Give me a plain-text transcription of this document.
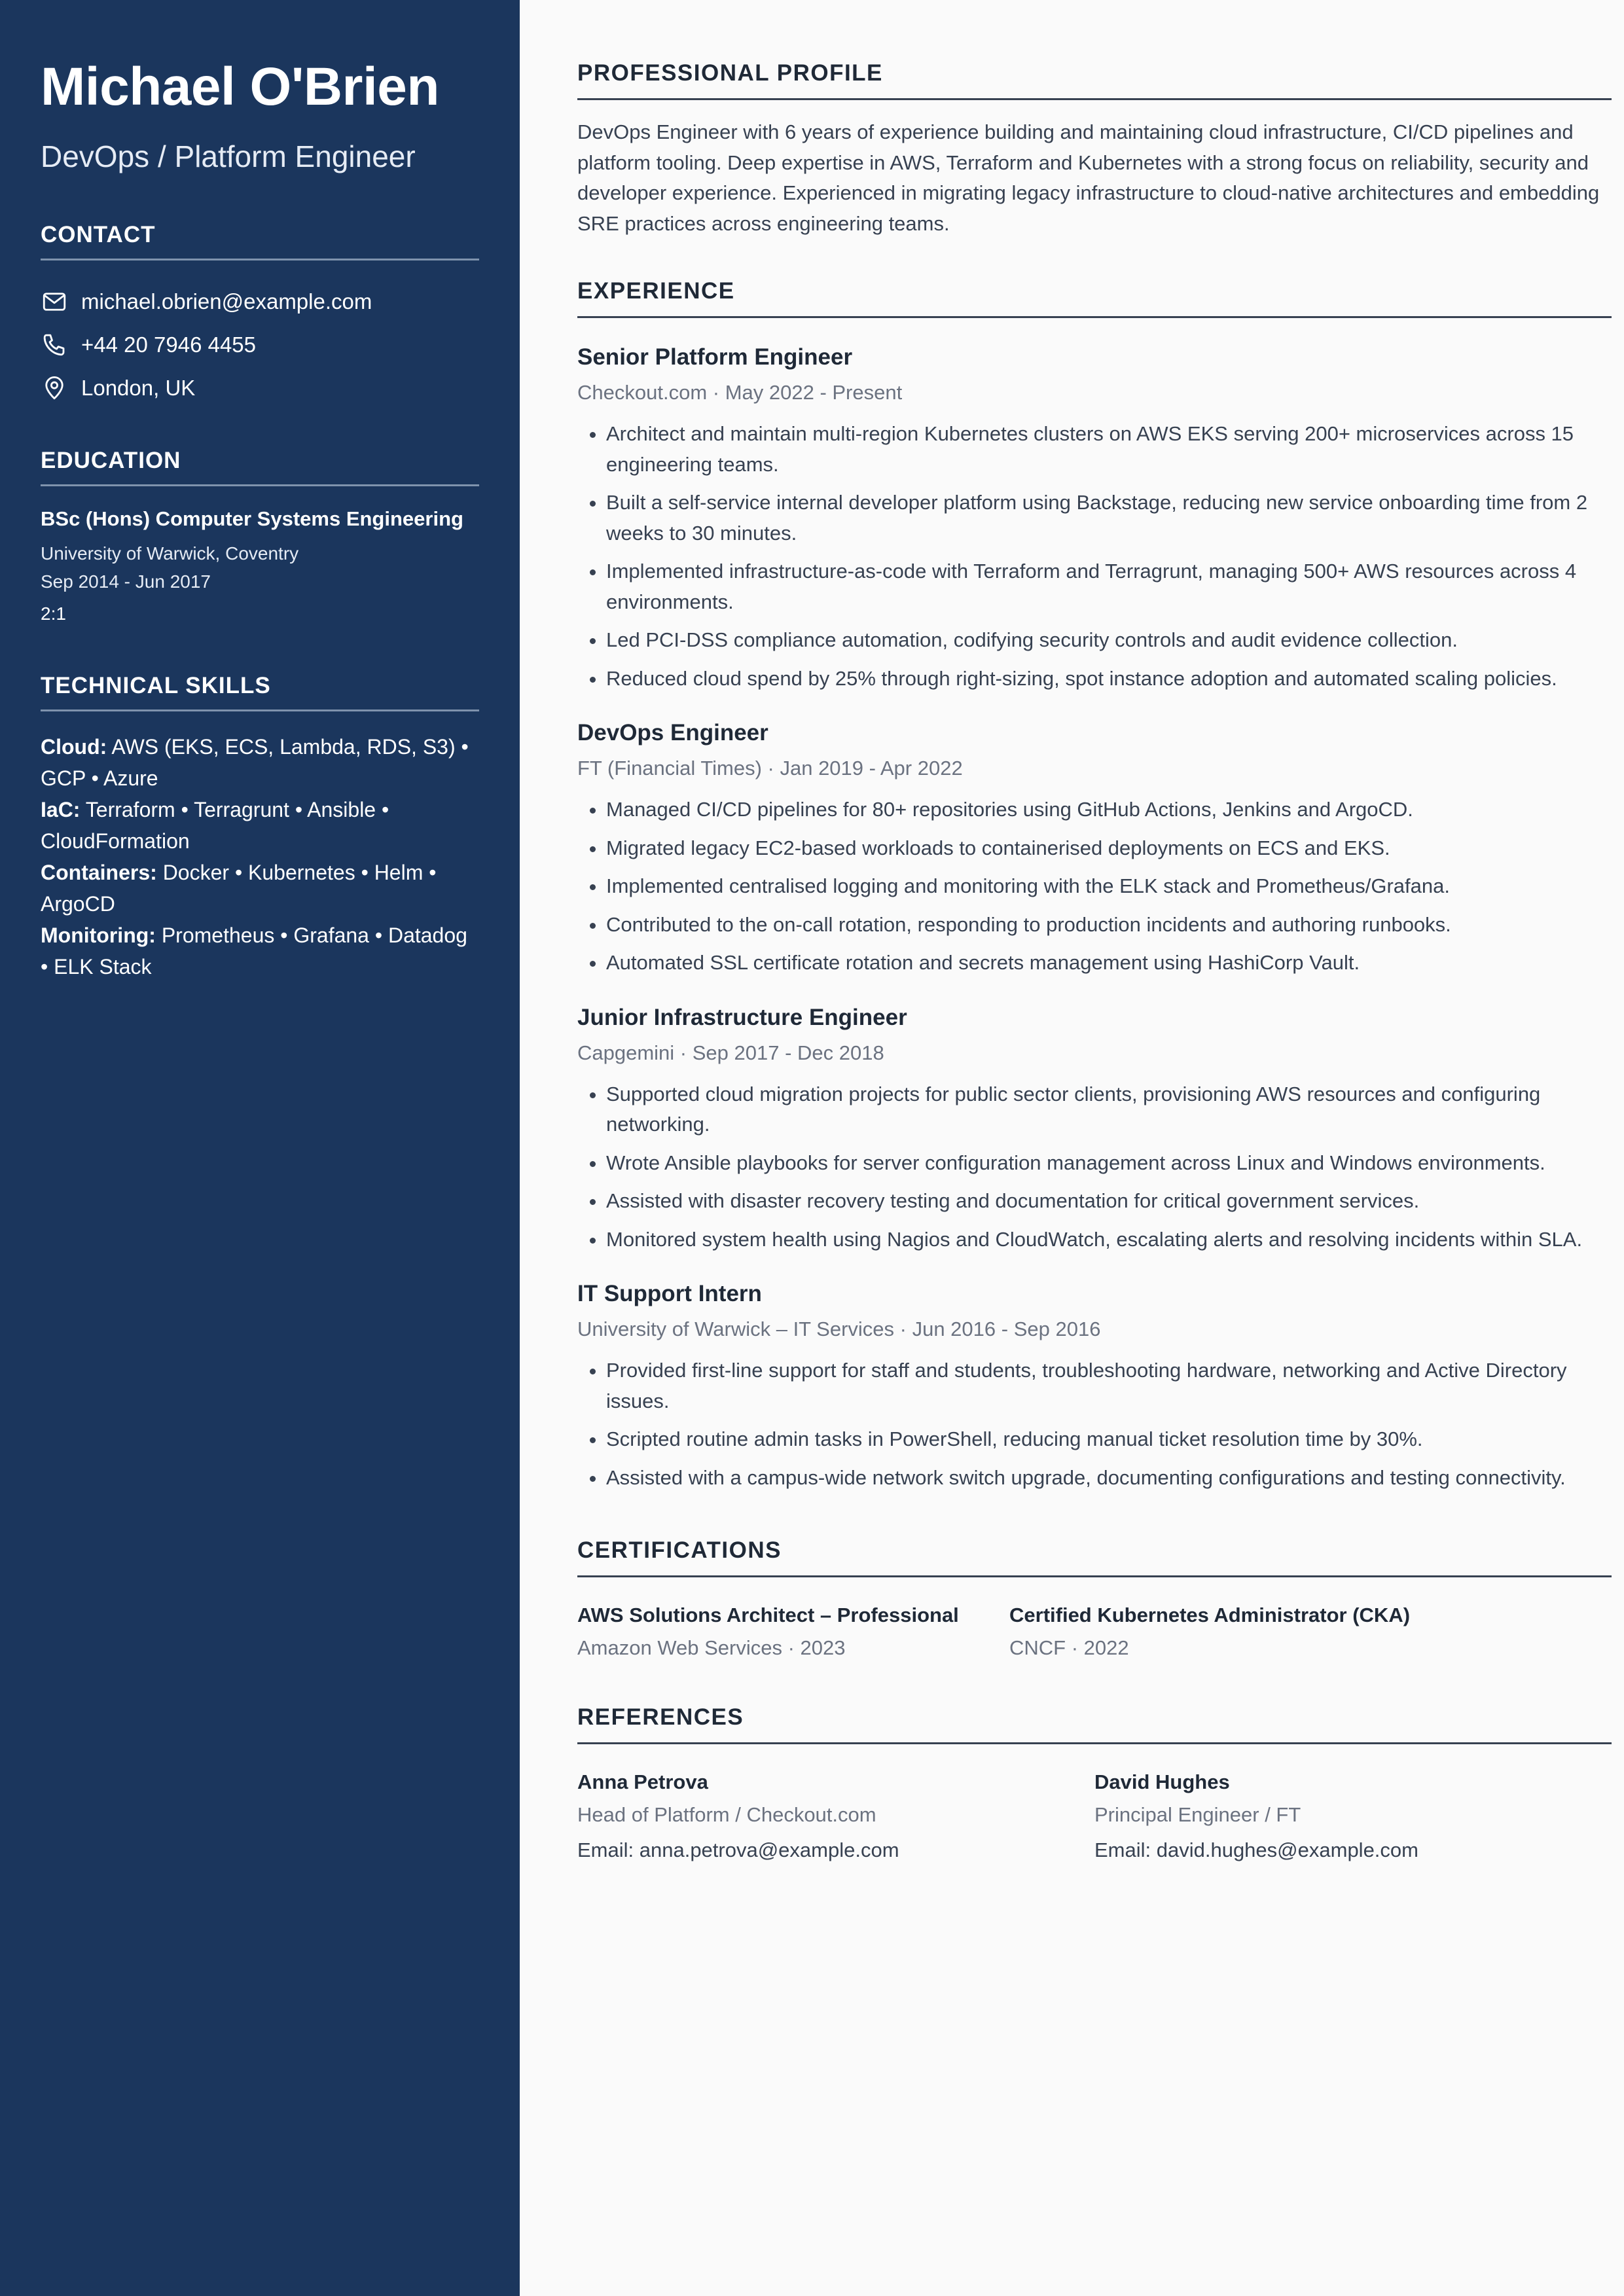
Michael O'Brien
DevOps / Platform Engineer
CONTACT
michael.obrien@example.com
+44 20 7946 4455
London, UK
EDUCATION
BSc (Hons) Computer Systems Engineering
University of Warwick, Coventry
Sep 2014 - Jun 2017
2:1
TECHNICAL SKILLS
Cloud: AWS (EKS, ECS, Lambda, RDS, S3) • GCP • Azure
IaC: Terraform • Terragrunt • Ansible • CloudFormation
Containers: Docker • Kubernetes • Helm • ArgoCD
Monitoring: Prometheus • Grafana • Datadog • ELK Stack
PROFESSIONAL PROFILE

DevOps Engineer with 6 years of experience building and maintaining cloud infrastructure, CI/CD pipelines and platform tooling. Deep expertise in AWS, Terraform and Kubernetes with a strong focus on reliability, security and developer experience. Experienced in migrating legacy infrastructure to cloud-native architectures and embedding SRE practices across engineering teams.

EXPERIENCE
Senior Platform Engineer
Checkout.com · May 2022 - Present
• Architect and maintain multi-region Kubernetes clusters on AWS EKS serving 200+ microservices across 15 engineering teams.
• Built a self-service internal developer platform using Backstage, reducing new service onboarding time from 2 weeks to 30 minutes.
• Implemented infrastructure-as-code with Terraform and Terragrunt, managing 500+ AWS resources across 4 environments.
• Led PCI-DSS compliance automation, codifying security controls and audit evidence collection.
• Reduced cloud spend by 25% through right-sizing, spot instance adoption and automated scaling policies.
DevOps Engineer
FT (Financial Times) · Jan 2019 - Apr 2022
• Managed CI/CD pipelines for 80+ repositories using GitHub Actions, Jenkins and ArgoCD.
• Migrated legacy EC2-based workloads to containerised deployments on ECS and EKS.
• Implemented centralised logging and monitoring with the ELK stack and Prometheus/Grafana.
• Contributed to the on-call rotation, responding to production incidents and authoring runbooks.
• Automated SSL certificate rotation and secrets management using HashiCorp Vault.
Junior Infrastructure Engineer
Capgemini · Sep 2017 - Dec 2018
• Supported cloud migration projects for public sector clients, provisioning AWS resources and configuring networking.
• Wrote Ansible playbooks for server configuration management across Linux and Windows environments.
• Assisted with disaster recovery testing and documentation for critical government services.
• Monitored system health using Nagios and CloudWatch, escalating alerts and resolving incidents within SLA.
IT Support Intern
University of Warwick – IT Services · Jun 2016 - Sep 2016
• Provided first-line support for staff and students, troubleshooting hardware, networking and Active Directory issues.
• Scripted routine admin tasks in PowerShell, reducing manual ticket resolution time by 30%.
• Assisted with a campus-wide network switch upgrade, documenting configurations and testing connectivity.
CERTIFICATIONS
AWS Solutions Architect – Professional
Amazon Web Services · 2023
Certified Kubernetes Administrator (CKA)
CNCF · 2022
REFERENCES
Anna Petrova
Head of Platform / Checkout.com
Email: anna.petrova@example.com
David Hughes
Principal Engineer / FT
Email: david.hughes@example.com
